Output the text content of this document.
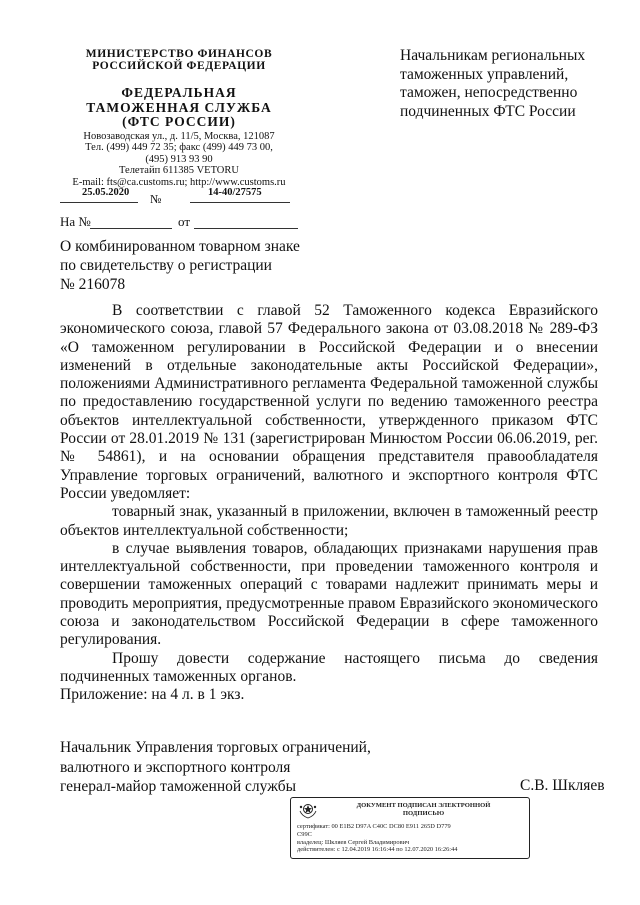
МИНИСТЕРСТВО ФИНАНСОВ
РОССИЙСКОЙ ФЕДЕРАЦИИ
ФЕДЕРАЛЬНАЯ
ТАМОЖЕННАЯ СЛУЖБА
(ФТС РОССИИ)
Новозаводская ул., д. 11/5, Москва, 121087
Тел. (499) 449 72 35; факс (499) 449 73 00,
(495) 913 93 90
Телетайп 611385 VETORU
E-mail: fts@ca.customs.ru; http://www.customs.ru
25.05.2020 №	14-40/27575
На №	от
Начальникам региональных
таможенных управлений,
таможен, непосредственно
подчиненных ФТС России
О комбинированном товарном знаке
по свидетельству о регистрации
№ 216078

В соответствии с главой 52 Таможенного кодекса Евразийского экономического союза, главой 57 Федерального закона от 03.08.2018 № 289-ФЗ «О таможенном регулировании в Российской Федерации и о внесении изменений в отдельные законодательные акты Российской Федерации», положениями Административного регламента Федеральной таможенной службы по предоставлению государственной услуги по ведению таможенного реестра объектов интеллектуальной собственности, утвержденного приказом ФТС России от 28.01.2019 № 131 (зарегистрирован Минюстом России 06.06.2019, рег. № 54861), и на основании обращения представителя правообладателя Управление торговых ограничений, валютного и экспортного контроля ФТС России уведомляет:

товарный знак, указанный в приложении, включен в таможенный реестр объектов интеллектуальной собственности;

в случае выявления товаров, обладающих признаками нарушения прав интеллектуальной собственности, при проведении таможенного контроля и совершении таможенных операций с товарами надлежит принимать меры и проводить мероприятия, предусмотренные правом Евразийского экономического союза и законодательством Российской Федерации в сфере таможенного регулирования.

Прошу довести содержание настоящего письма до сведения подчиненных таможенных органов.

Приложение: на 4 л. в 1 экз.
Начальник Управления торговых ограничений,
валютного и экспортного контроля
генерал-майор таможенной службы	С.В. Шкляев
ДОКУМЕНТ ПОДПИСАН ЭЛЕКТРОННОЙ
ПОДПИСЬЮ
сертификат: 00 E1B2 D97A C40C DC80 E911 265D D779
C99C
владелец: Шкляев Сергей Владимирович
действителен: с 12.04.2019 16:16:44 по 12.07.2020 16:26:44
